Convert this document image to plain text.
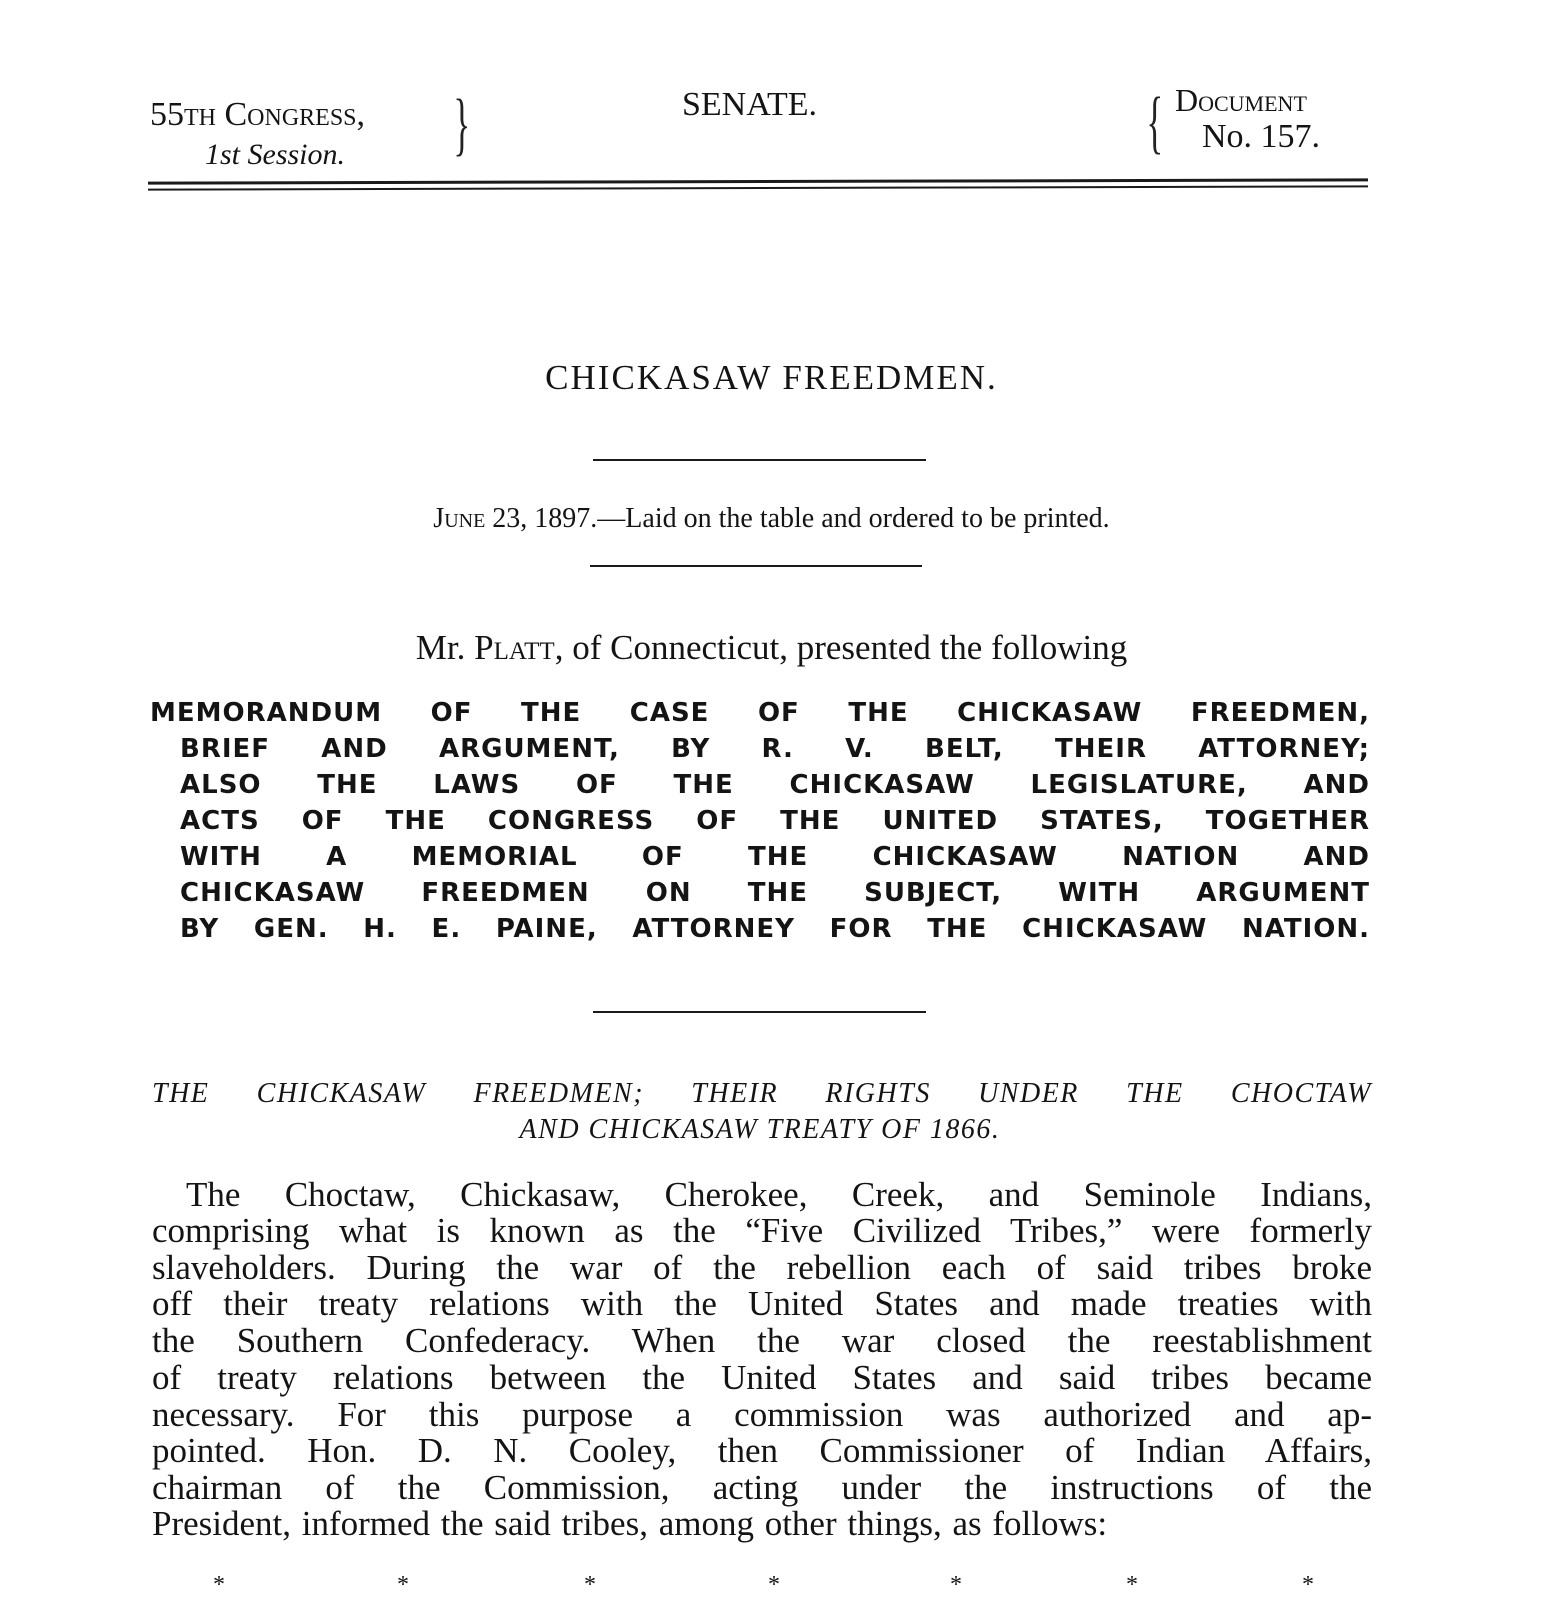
55th Congress,
1st Session. }	SENATE.	{ Document
No. 157.
CHICKASAW FREEDMEN.
June 23, 1897.—Laid on the table and ordered to be printed.
Mr. Platt, of Connecticut, presented the following
MEMORANDUM OF THE CASE OF THE CHICKASAW FREEDMEN,
BRIEF AND ARGUMENT, BY R. V. BELT, THEIR ATTORNEY;
ALSO THE LAWS OF THE CHICKASAW LEGISLATURE, AND
ACTS OF THE CONGRESS OF THE UNITED STATES, TOGETHER
WITH A MEMORIAL OF THE CHICKASAW NATION AND
CHICKASAW FREEDMEN ON THE SUBJECT, WITH ARGUMENT
BY GEN. H. E. PAINE, ATTORNEY FOR THE CHICKASAW NATION.
THE CHICKASAW FREEDMEN; THEIR RIGHTS UNDER THE CHOCTAW
AND CHICKASAW TREATY OF 1866.
The Choctaw, Chickasaw, Cherokee, Creek, and Seminole Indians,
comprising what is known as the “Five Civilized Tribes,” were formerly
slaveholders. During the war of the rebellion each of said tribes broke
off their treaty relations with the United States and made treaties with
the Southern Confederacy. When the war closed the reestablishment
of treaty relations between the United States and said tribes became
necessary. For this purpose a commission was authorized and ap-
pointed. Hon. D. N. Cooley, then Commissioner of Indian Affairs,
chairman of the Commission, acting under the instructions of the
President, informed the said tribes, among other things, as follows:
*	*	*	*	*	*	*
